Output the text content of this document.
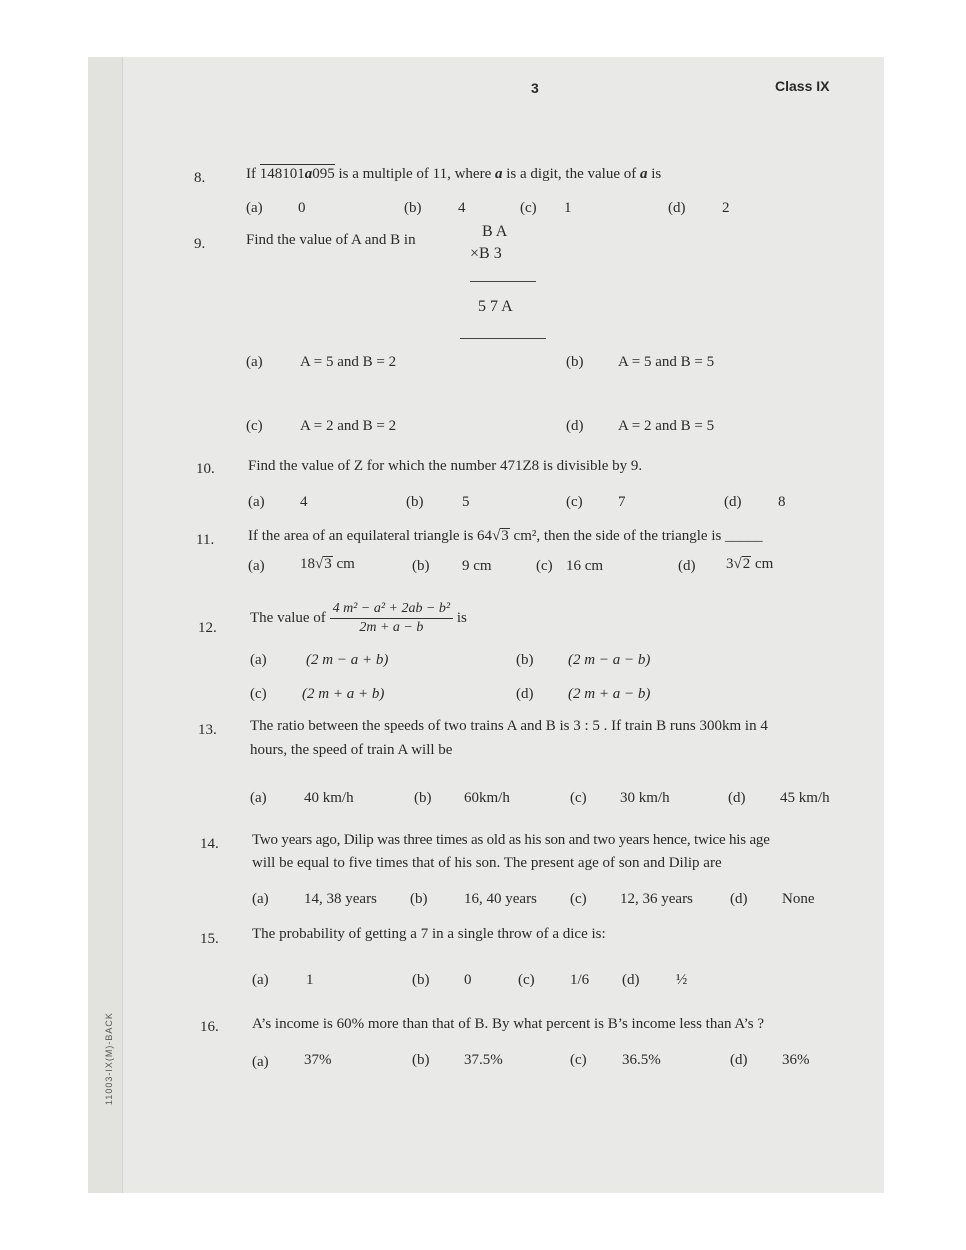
11003-IX(M)-BACK
3	Class IX
8.	If 148101a095 is a multiple of 11, where a is a digit, the value of a is
(a) 0	(b) 4	(c) 1	(d) 2
9.	Find the value of A and B in	B A
×B 3
5 7 A
(a) A = 5 and B = 2	(b) A = 5 and B = 5
(c) A = 2 and B = 2	(d) A = 2 and B = 5
10. Find the value of Z for which the number 471Z8 is divisible by 9.
(a) 4	(b)	5	(c) 7	(d) 8
11. If the area of an equilateral triangle is 64√3 cm², then the side of the triangle is _____
(a) 18√3 cm	(b) 9 cm	(c) 16 cm	(d) 3√2 cm
12.
The value of $\frac{\text{4 m² − a² + 2ab − b²}}{2m + a - b}$ is
(a)	(2 m − a + b)	(b) (2 m − a − b)
(c) (2 m + a + b)	(d) (2 m + a − b)
13. The ratio between the speeds of two trains A and B is 3 : 5 . If train B runs 300km in 4
hours, the speed of train A will be
(a) 40 km/h	(b) 60km/h	(c) 30 km/h	(d) 45 km/h
14. Two years ago, Dilip was three times as old as his son and two years hence, twice his age
will be equal to five times that of his son. The present age of son and Dilip are
(a) 14, 38 years (b) 16, 40 years (c) 12, 36 years (d) None
15. The probability of getting a 7 in a single throw of a dice is:
(a) 1	(b) 0	(c) 1/6 (d) ½
16. A’s income is 60% more than that of B. By what percent is B’s income less than A’s ?
(a) 37%	(b) 37.5%	(c) 36.5%	(d) 36%
